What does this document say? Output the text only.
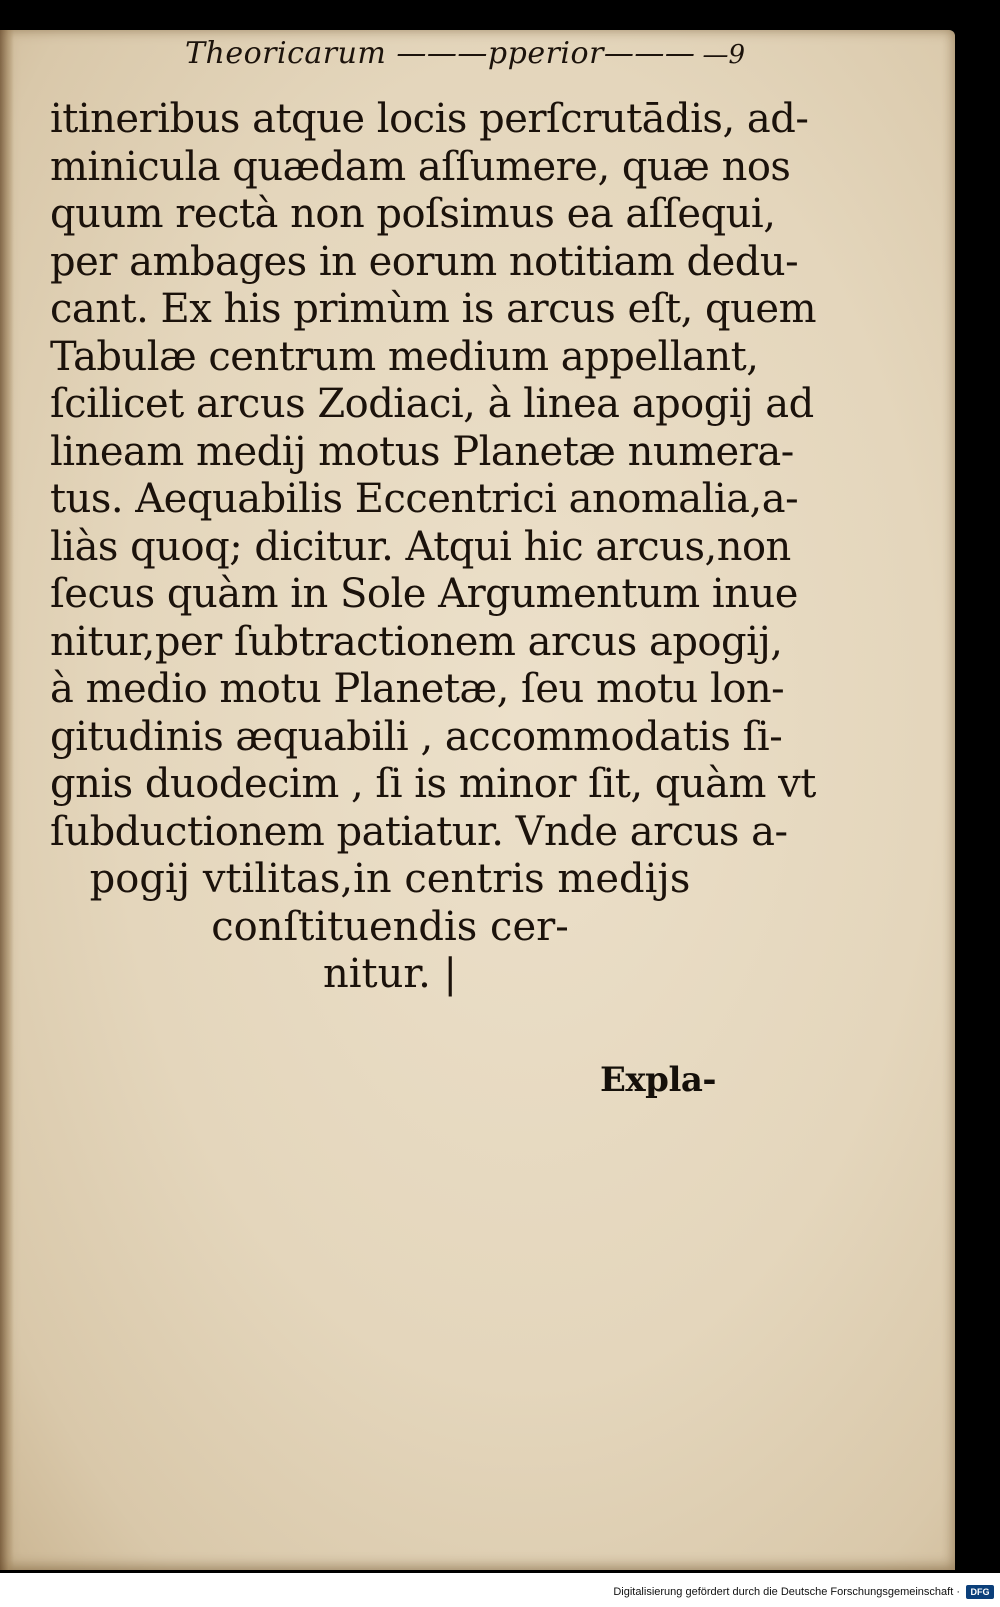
Theoricarum ———pperior——— —9
itineribus atque locis perſcrutādis, ad-
minicula quædam aſſumere, quæ nos
quum rectà non poſsimus ea aſſequi,
per ambages in eorum notitiam dedu-
cant. Ex his primùm is arcus eſt, quem
Tabulæ centrum medium appellant,
ſcilicet arcus Zodiaci, à linea apogij ad
lineam medij motus Planetæ numera-
tus. Aequabilis Eccentrici anomalia,a-
liàs quoq; dicitur. Atqui hic arcus,non
ſecus quàm in Sole Argumentum inue
nitur,per ſubtractionem arcus apogij,
à medio motu Planetæ, ſeu motu lon-
gitudinis æquabili , accommodatis ſi-
gnis duodecim , ſi is minor ſit, quàm vt
ſubductionem patiatur. Vnde arcus a-
pogij vtilitas,in centris medijs
conſtituendis cer-
nitur. |
Expla-
Digitalisierung gefördert durch die Deutsche Forschungsgemeinschaft ·	DFG
